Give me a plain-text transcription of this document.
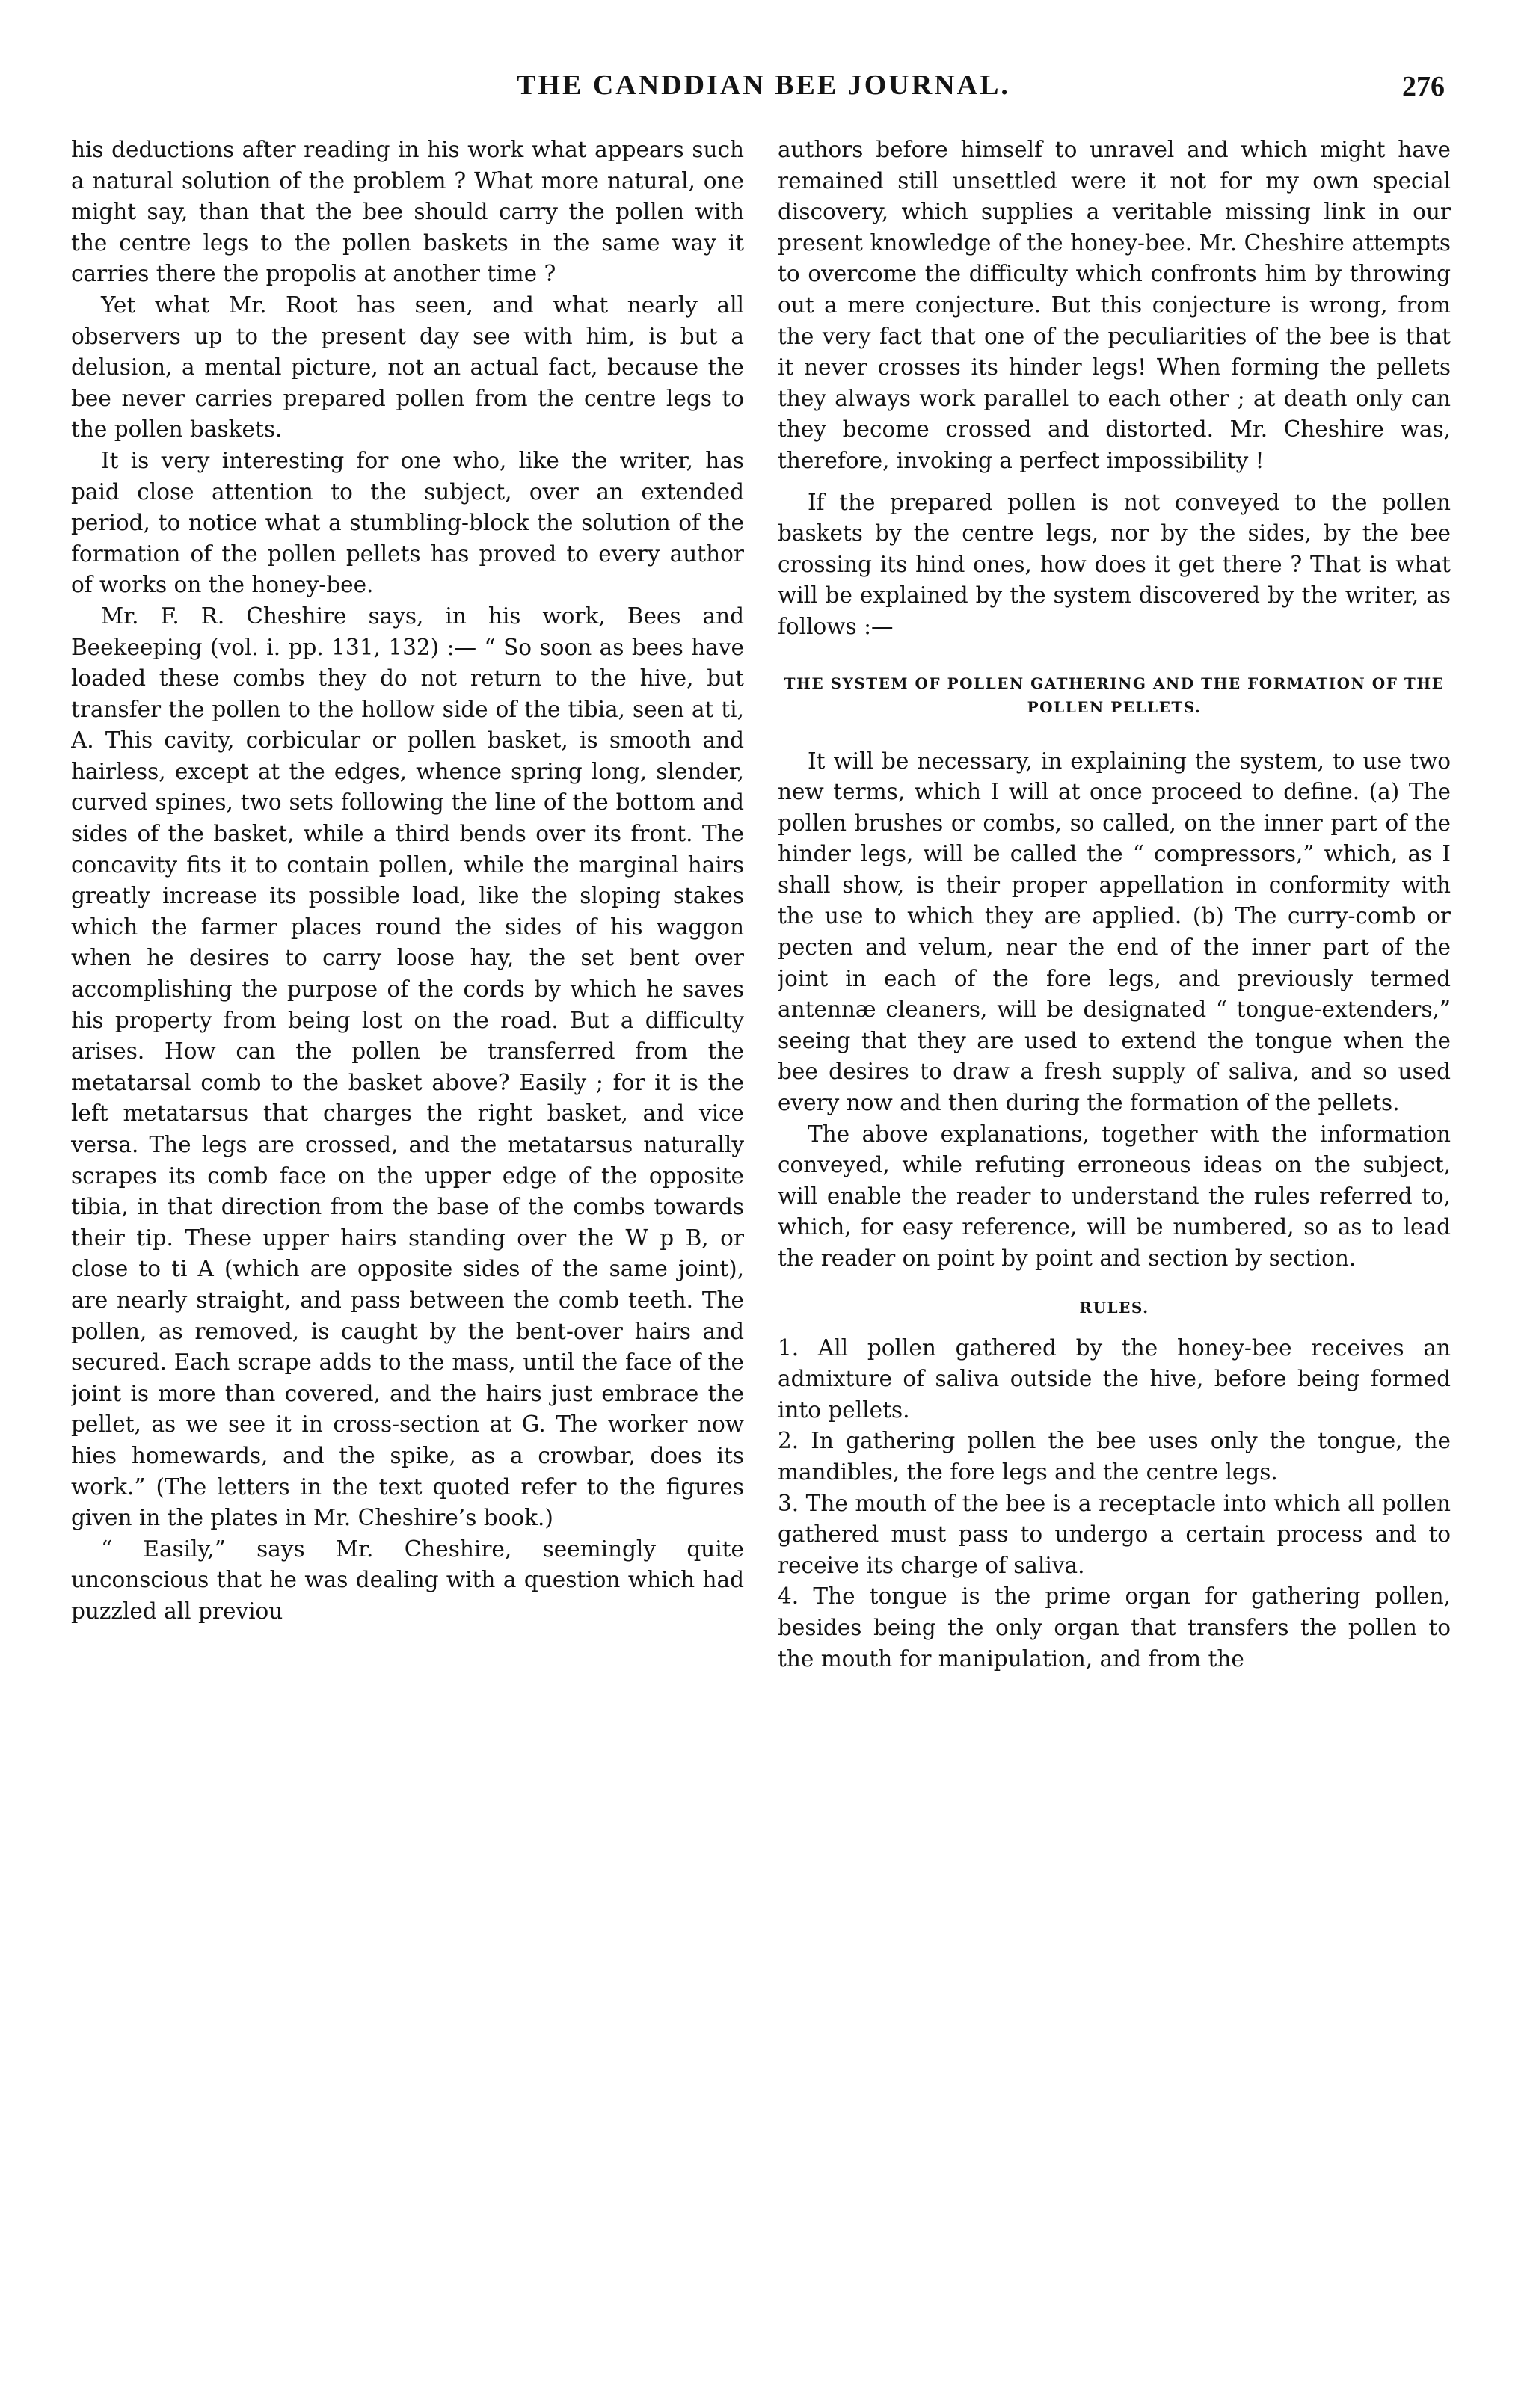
THE CANDDIAN BEE JOURNAL.	276

his deductions after reading in his work what appears such a natural solution of the problem ? What more natural, one might say, than that the bee should carry the pollen with the centre legs to the pollen baskets in the same way it carries there the propolis at another time ?

Yet what Mr. Root has seen, and what nearly all observers up to the present day see with him, is but a delusion, a mental picture, not an actual fact, because the bee never carries prepared pollen from the centre legs to the pollen baskets.

It is very interesting for one who, like the writer, has paid close attention to the subject, over an extended period, to notice what a stumbling-block the solution of the formation of the pollen pellets has proved to every author of works on the honey-bee.

Mr. F. R. Cheshire says, in his work, Bees and Beekeeping (vol. i. pp. 131, 132) :— “ So soon as bees have loaded these combs they do not return to the hive, but transfer the pollen to the hollow side of the tibia, seen at ti, A. This cavity, corbicular or pollen basket, is smooth and hairless, except at the edges, whence spring long, slender, curved spines, two sets following the line of the bottom and sides of the basket, while a third bends over its front. The concavity fits it to contain pollen, while the marginal hairs greatly increase its possible load, like the sloping stakes which the farmer places round the sides of his waggon when he desires to carry loose hay, the set bent over accomplishing the purpose of the cords by which he saves his property from being lost on the road. But a difficulty arises. How can the pollen be transferred from the metatarsal comb to the basket above? Easily ; for it is the left metatarsus that charges the right basket, and vice versa. The legs are crossed, and the metatarsus naturally scrapes its comb face on the upper edge of the opposite tibia, in that direction from the base of the combs towards their tip. These upper hairs standing over the W p B, or close to ti A (which are opposite sides of the same joint), are nearly straight, and pass between the comb teeth. The pollen, as removed, is caught by the bent-over hairs and secured. Each scrape adds to the mass, until the face of the joint is more than covered, and the hairs just embrace the pellet, as we see it in cross-section at G. The worker now hies homewards, and the spike, as a crowbar, does its work.” (The letters in the text quoted refer to the figures given in the plates in Mr. Cheshire’s book.)

“ Easily,” says Mr. Cheshire, seemingly quite unconscious that he was dealing with a question which had puzzled all previou

authors before himself to unravel and which might have remained still unsettled were it not for my own special discovery, which supplies a veritable missing link in our present knowledge of the honey-bee. Mr. Cheshire attempts to overcome the difficulty which confronts him by throwing out a mere conjecture. But this conjecture is wrong, from the very fact that one of the peculiarities of the bee is that it never crosses its hinder legs! When forming the pellets they always work parallel to each other ; at death only can they become crossed and distorted. Mr. Cheshire was, therefore, invoking a perfect impossibility !

If the prepared pollen is not conveyed to the pollen baskets by the centre legs, nor by the sides, by the bee crossing its hind ones, how does it get there ? That is what will be explained by the system discovered by the writer, as follows :—

THE SYSTEM OF POLLEN GATHERING AND THE FORMATION OF THE POLLEN PELLETS.

It will be necessary, in explaining the system, to use two new terms, which I will at once proceed to define. (a) The pollen brushes or combs, so called, on the inner part of the hinder legs, will be called the “ compressors,” which, as I shall show, is their proper appellation in conformity with the use to which they are applied. (b) The curry-comb or pecten and velum, near the end of the inner part of the joint in each of the fore legs, and previously termed antennæ cleaners, will be designated “ tongue-extenders,” seeing that they are used to extend the tongue when the bee desires to draw a fresh supply of saliva, and so used every now and then during the formation of the pellets.

The above explanations, together with the information conveyed, while refuting erroneous ideas on the subject, will enable the reader to understand the rules referred to, which, for easy reference, will be numbered, so as to lead the reader on point by point and section by section.

RULES.

1. All pollen gathered by the honey-bee receives an admixture of saliva outside the hive, before being formed into pellets.

2. In gathering pollen the bee uses only the tongue, the mandibles, the fore legs and the centre legs.

3. The mouth of the bee is a receptacle into which all pollen gathered must pass to undergo a certain process and to receive its charge of saliva.

4. The tongue is the prime organ for gathering pollen, besides being the only organ that transfers the pollen to the mouth for manipulation, and from the
